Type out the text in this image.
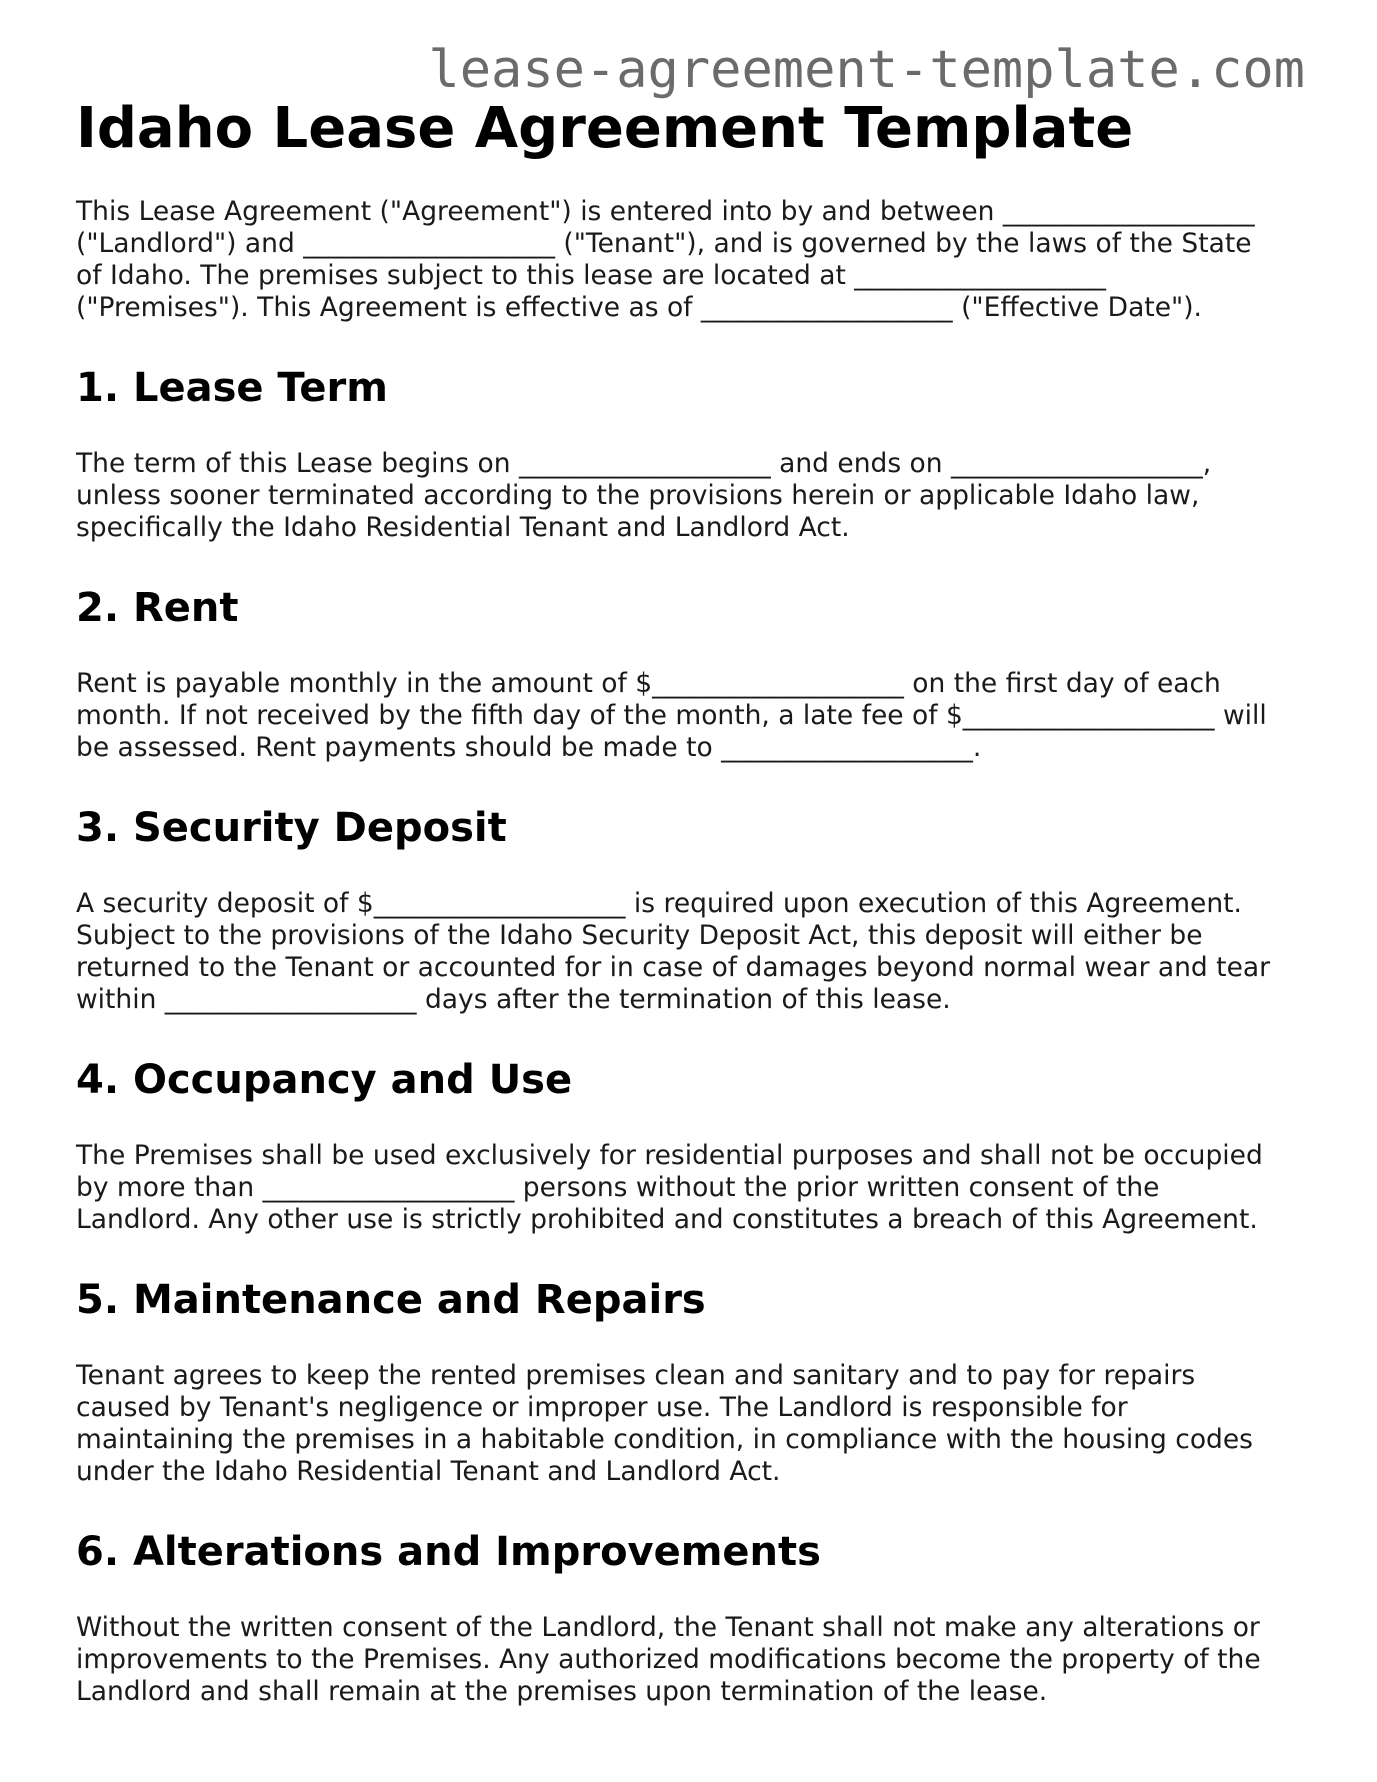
lease-agreement-template.com
Idaho Lease Agreement Template

This Lease Agreement ("Agreement") is entered into by and between ___________________
("Landlord") and ___________________ ("Tenant"), and is governed by the laws of the State
of Idaho. The premises subject to this lease are located at ___________________
("Premises"). This Agreement is effective as of ___________________ ("Effective Date").

1. Lease Term

The term of this Lease begins on ___________________ and ends on ___________________,
unless sooner terminated according to the provisions herein or applicable Idaho law,
specifically the Idaho Residential Tenant and Landlord Act.

2. Rent

Rent is payable monthly in the amount of $___________________ on the first day of each
month. If not received by the fifth day of the month, a late fee of $___________________ will
be assessed. Rent payments should be made to ___________________.

3. Security Deposit

A security deposit of $___________________ is required upon execution of this Agreement.
Subject to the provisions of the Idaho Security Deposit Act, this deposit will either be
returned to the Tenant or accounted for in case of damages beyond normal wear and tear
within ___________________ days after the termination of this lease.

4. Occupancy and Use

The Premises shall be used exclusively for residential purposes and shall not be occupied
by more than ___________________ persons without the prior written consent of the
Landlord. Any other use is strictly prohibited and constitutes a breach of this Agreement.

5. Maintenance and Repairs

Tenant agrees to keep the rented premises clean and sanitary and to pay for repairs
caused by Tenant's negligence or improper use. The Landlord is responsible for
maintaining the premises in a habitable condition, in compliance with the housing codes
under the Idaho Residential Tenant and Landlord Act.

6. Alterations and Improvements

Without the written consent of the Landlord, the Tenant shall not make any alterations or
improvements to the Premises. Any authorized modifications become the property of the
Landlord and shall remain at the premises upon termination of the lease.
